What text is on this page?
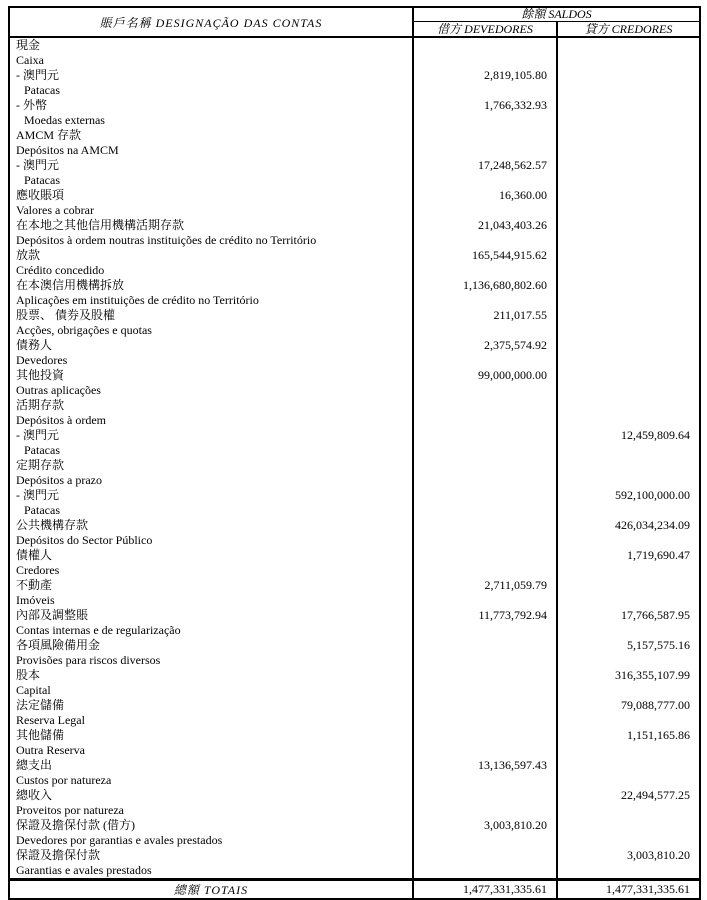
賬戶名稱 DESIGNAÇÃO DAS CONTAS	餘額 SALDOS	
	借方 DEVEDORES	貸方 CREDORES

現金
Caixa		

- 澳門元
Patacas	2,819,105.80	

- 外幣
Moedas externas	1,766,332.93	

AMCM 存款
Depósitos na AMCM		

- 澳門元
Patacas	17,248,562.57	

應收賬項
Valores a cobrar	16,360.00	

在本地之其他信用機構活期存款
Depósitos à ordem noutras instituições de crédito no Território	21,043,403.26	

放款
Crédito concedido	165,544,915.62	

在本澳信用機構拆放
Aplicações em instituições de crédito no Território	1,136,680,802.60	

股票、 債券及股權
Acções, obrigações e quotas	211,017.55	

債務人
Devedores	2,375,574.92	

其他投資
Outras aplicações	99,000,000.00	

活期存款
Depósitos à ordem		

- 澳門元
Patacas		12,459,809.64

定期存款
Depósitos a prazo		

- 澳門元
Patacas		592,100,000.00

公共機構存款
Depósitos do Sector Público		426,034,234.09

債權人
Credores		1,719,690.47

不動產
Imóveis	2,711,059.79	

內部及調整賬
Contas internas e de regularização	11,773,792.94	17,766,587.95

各項風險備用金
Provisões para riscos diversos		5,157,575.16

股本
Capital		316,355,107.99

法定儲備
Reserva Legal		79,088,777.00

其他儲備
Outra Reserva		1,151,165.86

總支出
Custos por natureza	13,136,597.43	

總收入
Proveitos por natureza		22,494,577.25

保證及擔保付款 (借方)
Devedores por garantias e avales prestados	3,003,810.20	

保證及擔保付款
Garantias e avales prestados		3,003,810.20
總額 TOTAIS	1,477,331,335.61	1,477,331,335.61
